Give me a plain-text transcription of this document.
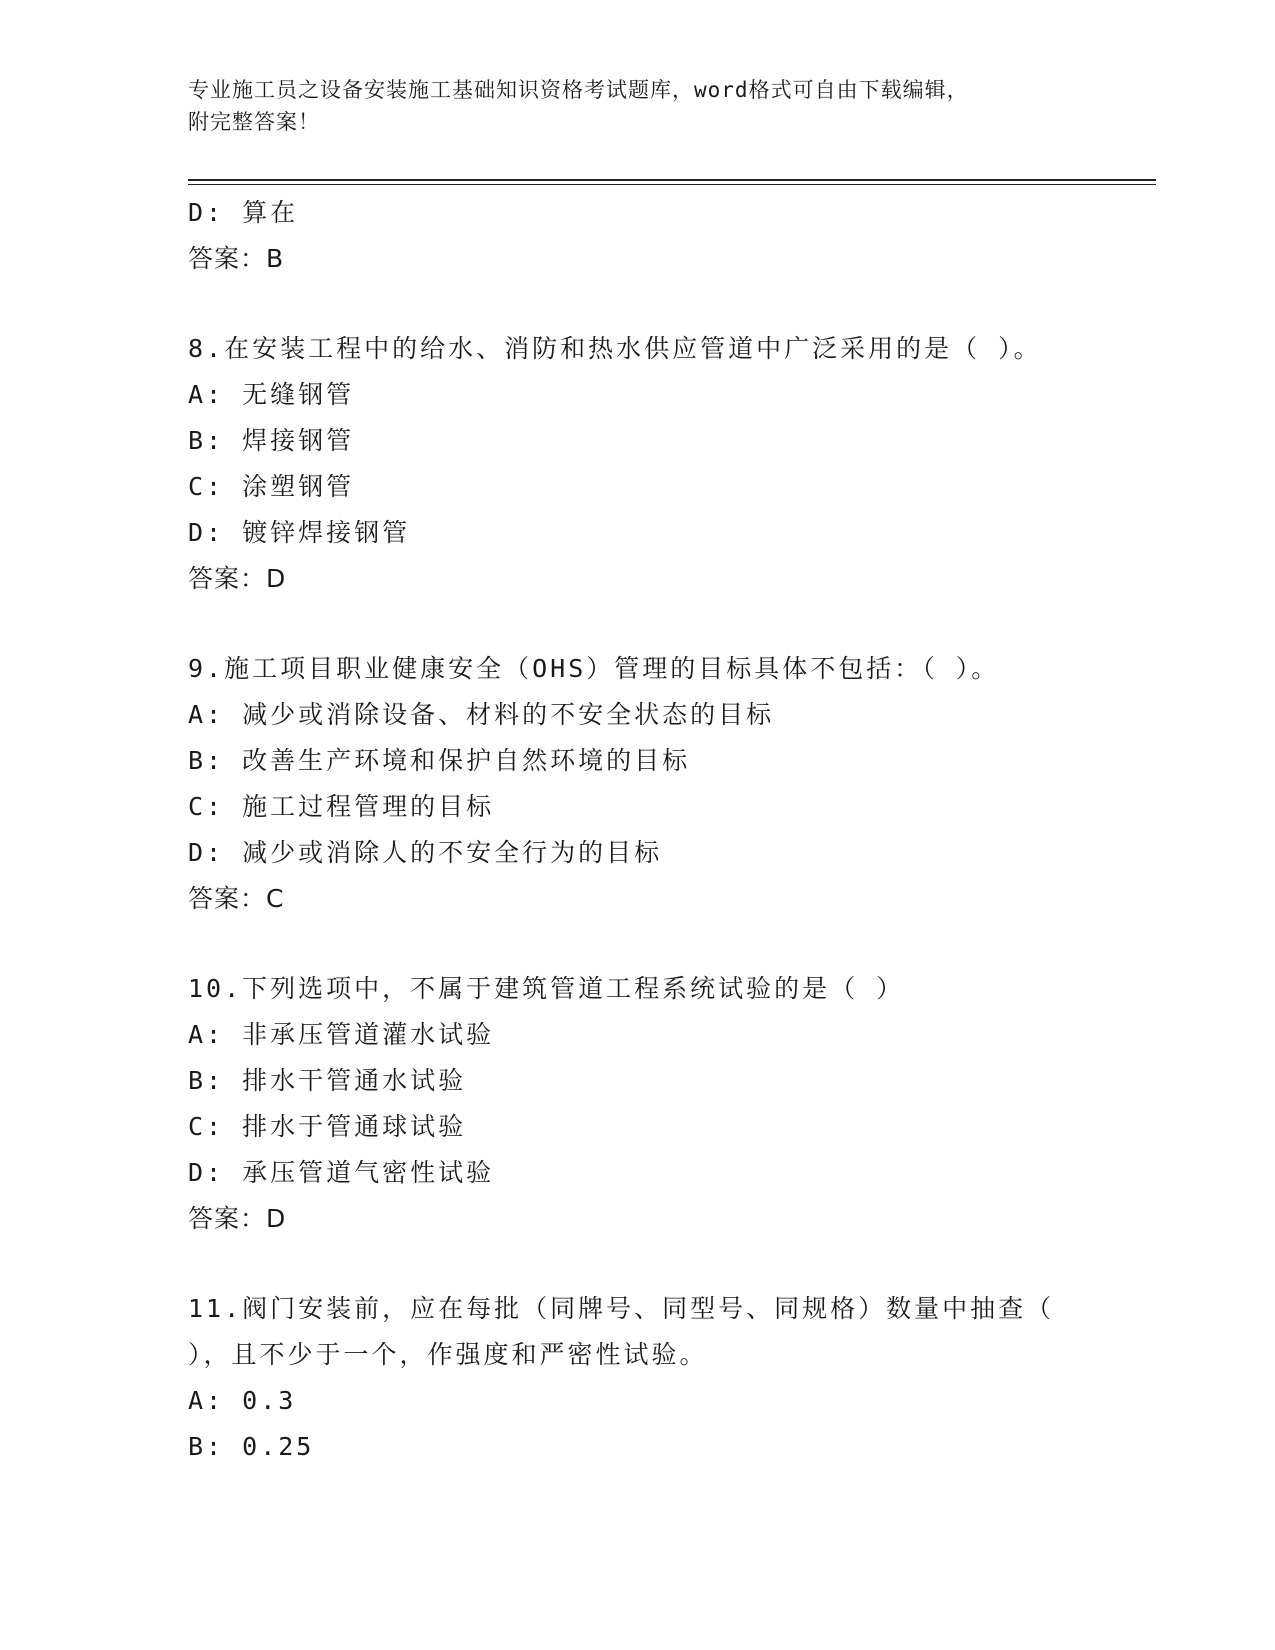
专业施工员之设备安装施工基础知识资格考试题库，word格式可自由下载编辑，
附完整答案！
D: 算在
答案：B
8.在安装工程中的给水、消防和热水供应管道中广泛采用的是（ ）。
A: 无缝钢管
B: 焊接钢管
C: 涂塑钢管
D: 镀锌焊接钢管
答案：D
9.施工项目职业健康安全（OHS）管理的目标具体不包括：（ ）。
A: 减少或消除设备、材料的不安全状态的目标
B: 改善生产环境和保护自然环境的目标
C: 施工过程管理的目标
D: 减少或消除人的不安全行为的目标
答案：C
10.下列选项中，不属于建筑管道工程系统试验的是（ ）
A: 非承压管道灌水试验
B: 排水干管通水试验
C: 排水于管通球试验
D: 承压管道气密性试验
答案：D
11.阀门安装前，应在每批（同牌号、同型号、同规格）数量中抽查（
），且不少于一个，作强度和严密性试验。
A: 0.3
B: 0.25
